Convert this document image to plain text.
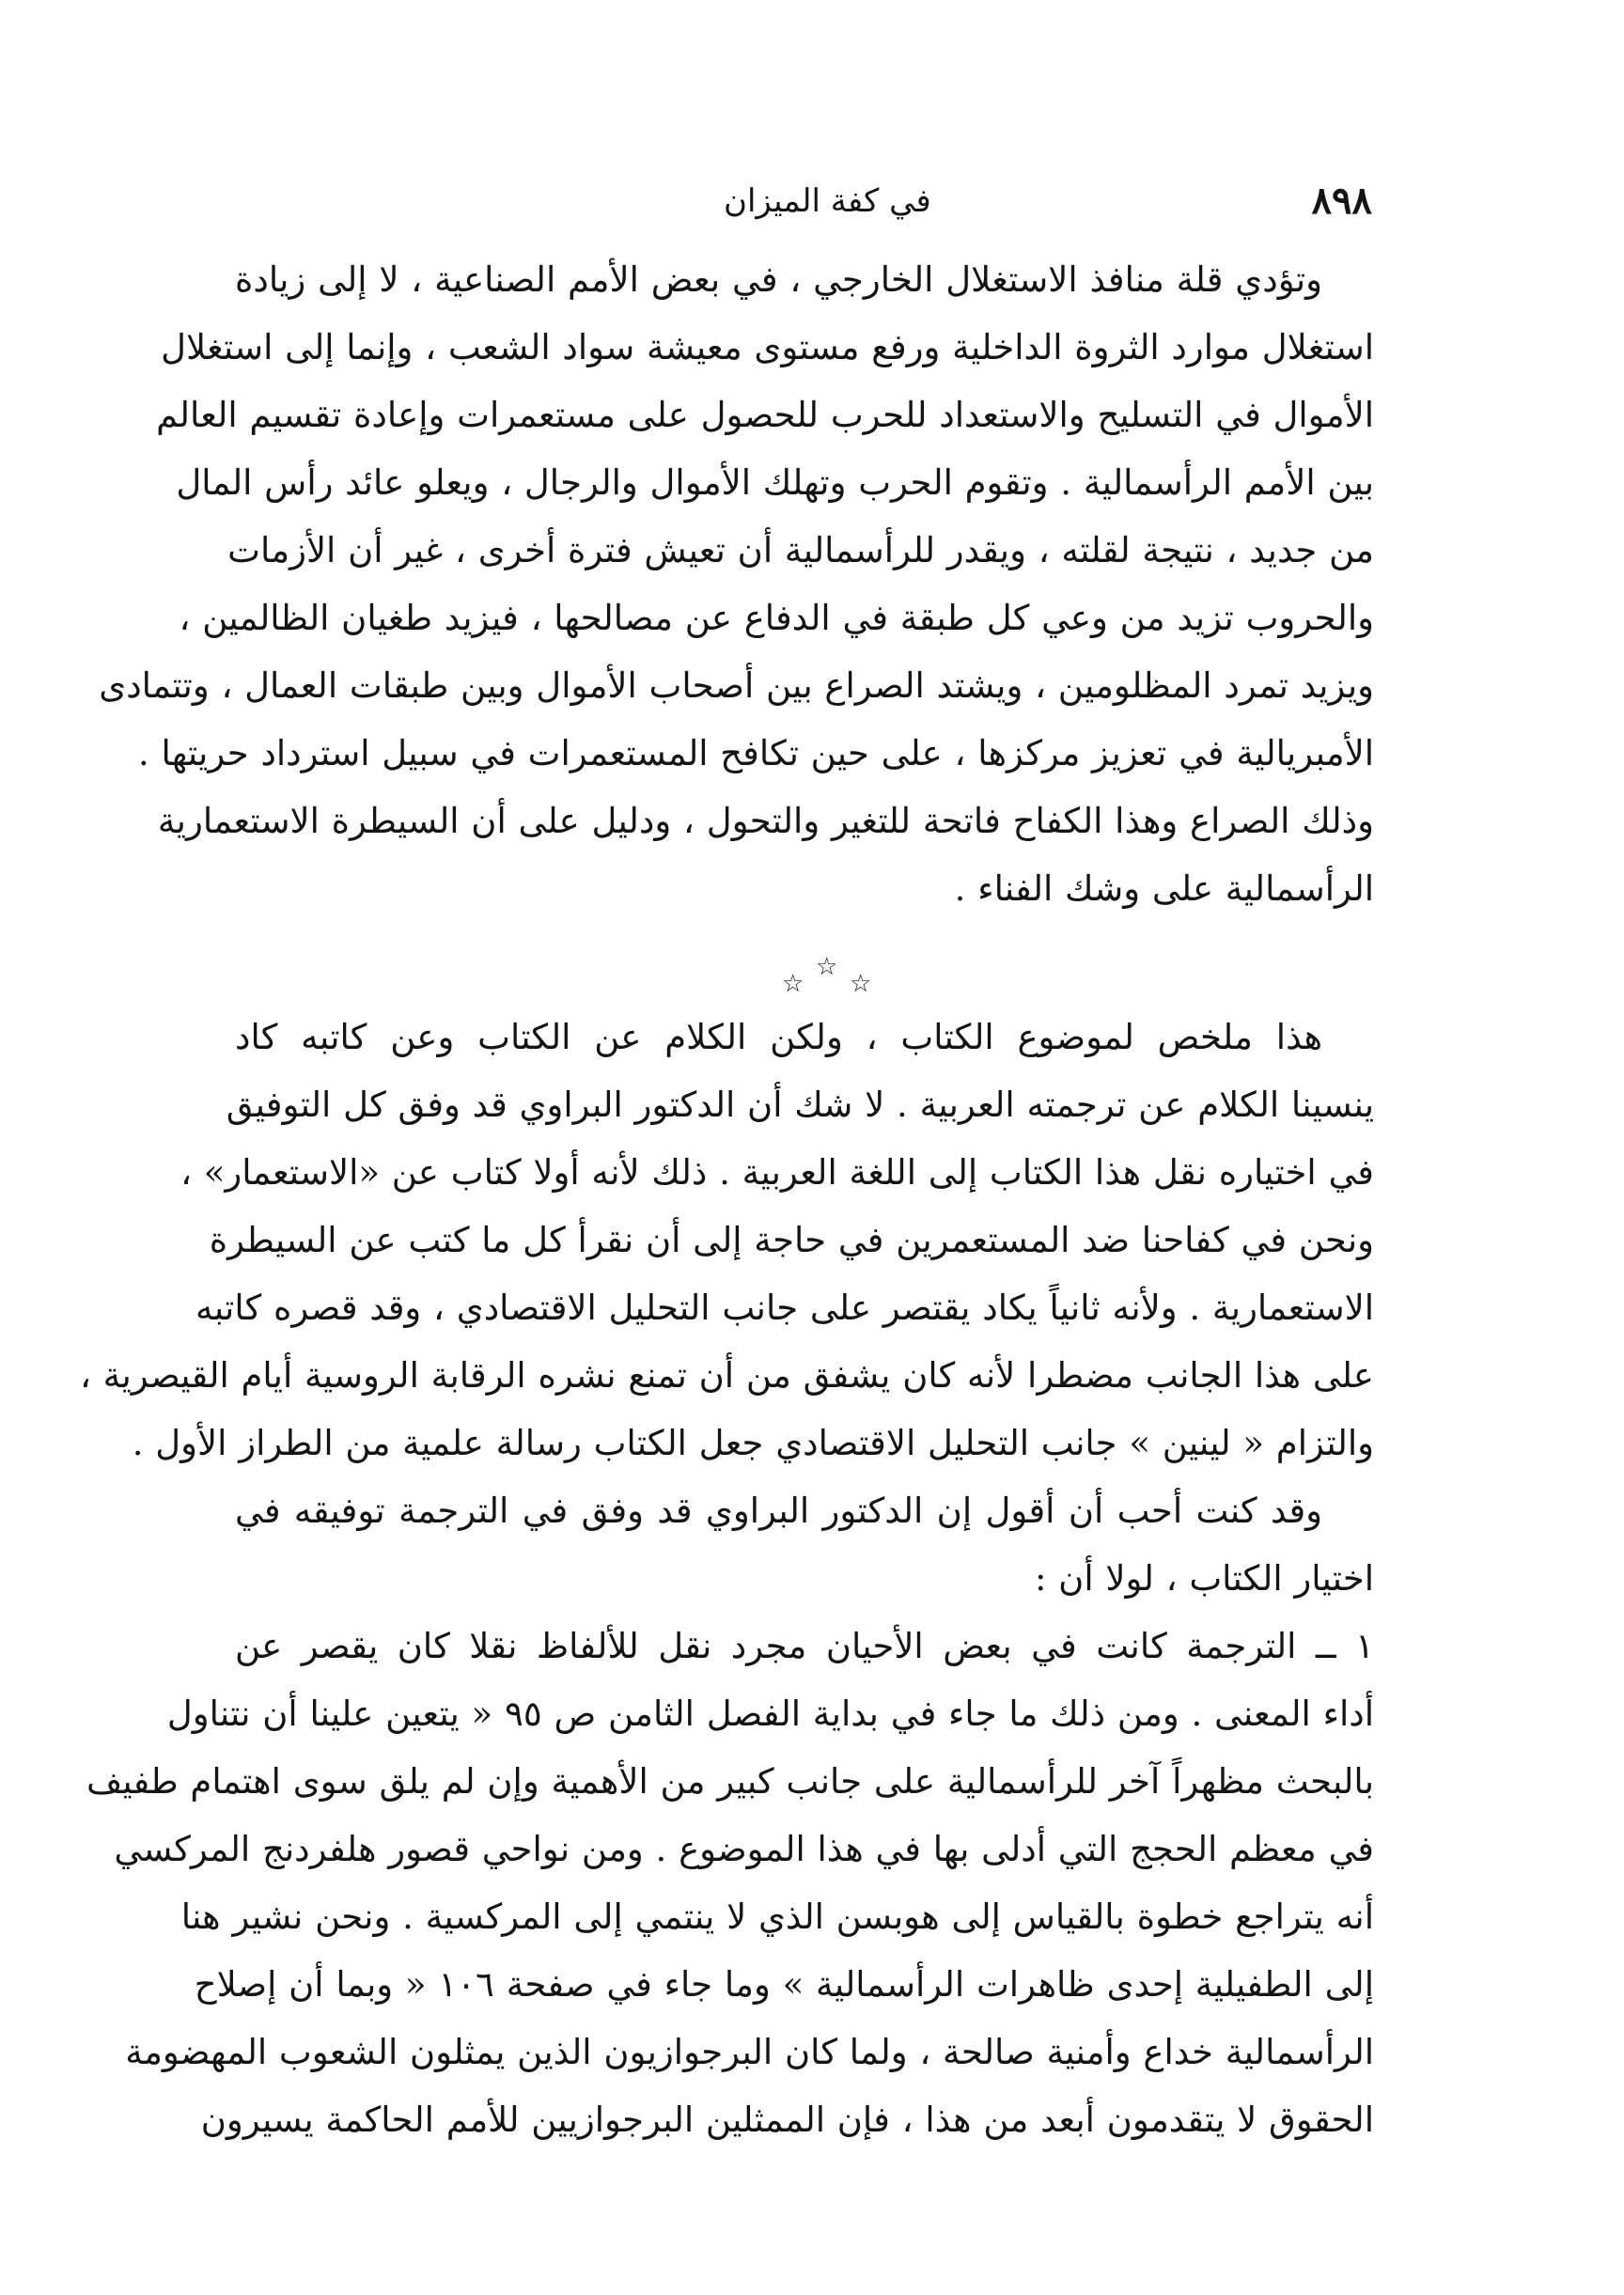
٨٩٨
في كفة الميزان
وتؤدي قلة منافذ الاستغلال الخارجي ، في بعض الأمم الصناعية ، لا إلى زيادة
استغلال موارد الثروة الداخلية ورفع مستوى معيشة سواد الشعب ، وإنما إلى استغلال
الأموال في التسليح والاستعداد للحرب للحصول على مستعمرات وإعادة تقسيم العالم
بين الأمم الرأسمالية . وتقوم الحرب وتهلك الأموال والرجال ، ويعلو عائد رأس المال
من جديد ، نتيجة لقلته ، ويقدر للرأسمالية أن تعيش فترة أخرى ، غير أن الأزمات
والحروب تزيد من وعي كل طبقة في الدفاع عن مصالحها ، فيزيد طغيان الظالمين ،
ويزيد تمرد المظلومين ، ويشتد الصراع بين أصحاب الأموال وبين طبقات العمال ، وتتمادى
الأمبريالية في تعزيز مركزها ، على حين تكافح المستعمرات في سبيل استرداد حريتها .
وذلك الصراع وهذا الكفاح فاتحة للتغير والتحول ، ودليل على أن السيطرة الاستعمارية
الرأسمالية على وشك الفناء .
☆
☆
☆
هذا ملخص لموضوع الكتاب ، ولكن الكلام عن الكتاب وعن كاتبه كاد
ينسينا الكلام عن ترجمته العربية . لا شك أن الدكتور البراوي قد وفق كل التوفيق
في اختياره نقل هذا الكتاب إلى اللغة العربية . ذلك لأنه أولا كتاب عن «الاستعمار» ،
ونحن في كفاحنا ضد المستعمرين في حاجة إلى أن نقرأ كل ما كتب عن السيطرة
الاستعمارية . ولأنه ثانياً يكاد يقتصر على جانب التحليل الاقتصادي ، وقد قصره كاتبه
على هذا الجانب مضطرا لأنه كان يشفق من أن تمنع نشره الرقابة الروسية أيام القيصرية ،
والتزام « لينين » جانب التحليل الاقتصادي جعل الكتاب رسالة علمية من الطراز الأول .
وقد كنت أحب أن أقول إن الدكتور البراوي قد وفق في الترجمة توفيقه في
اختيار الكتاب ، لولا أن :
١ ــ الترجمة كانت في بعض الأحيان مجرد نقل للألفاظ نقلا كان يقصر عن
أداء المعنى . ومن ذلك ما جاء في بداية الفصل الثامن ص ٩٥ « يتعين علينا أن نتناول
بالبحث مظهراً آخر للرأسمالية على جانب كبير من الأهمية وإن لم يلق سوى اهتمام طفيف
في معظم الحجج التي أدلى بها في هذا الموضوع . ومن نواحي قصور هلفردنج المركسي
أنه يتراجع خطوة بالقياس إلى هوبسن الذي لا ينتمي إلى المركسية . ونحن نشير هنا
إلى الطفيلية إحدى ظاهرات الرأسمالية » وما جاء في صفحة ١٠٦ « وبما أن إصلاح
الرأسمالية خداع وأمنية صالحة ، ولما كان البرجوازيون الذين يمثلون الشعوب المهضومة
الحقوق لا يتقدمون أبعد من هذا ، فإن الممثلين البرجوازيين للأمم الحاكمة يسيرون
